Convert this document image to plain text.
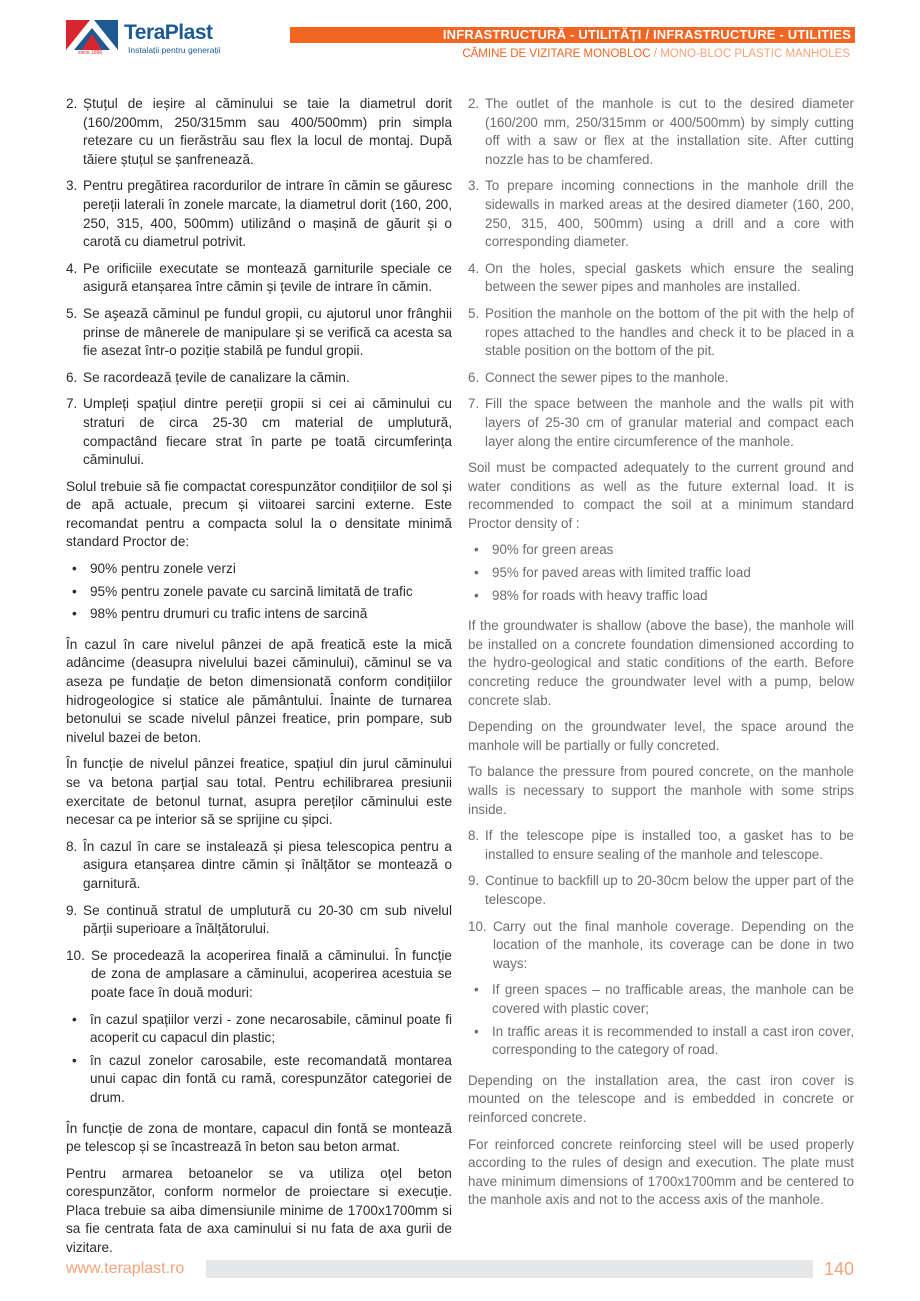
since 1896
TeraPlast
Instalații pentru generații
INFRASTRUCTURĂ - UTILITĂȚI / INFRASTRUCTURE - UTILITIES
CĂMINE DE VIZITARE MONOBLOC / MONO-BLOC PLASTIC MANHOLES
2. Ștuțul de ieșire al căminului se taie la diametrul dorit (160/200mm, 250/315mm sau 400/500mm) prin simpla retezare cu un fierăstrău sau flex la locul de montaj. După tăiere ștuțul se șanfrenează.
3. Pentru pregătirea racordurilor de intrare în cămin se găuresc pereții laterali în zonele marcate, la diametrul dorit (160, 200, 250, 315, 400, 500mm) utilizând o mașină de găurit și o carotă cu diametrul potrivit.
4. Pe orificiile executate se montează garniturile speciale ce asigură etanșarea între cămin și țevile de intrare în cămin.
5. Se aşează căminul pe fundul gropii, cu ajutorul unor frânghii prinse de mânerele de manipulare și se verifică ca acesta sa fie asezat într-o poziție stabilă pe fundul gropii.
6. Se racordează țevile de canalizare la cămin.
7. Umpleți spațiul dintre pereții gropii si cei ai căminului cu straturi de circa 25-30 cm material de umplutură, compactând fiecare strat în parte pe toată circumferința căminului.
Solul trebuie să fie compactat corespunzător condițiilor de sol și de apă actuale, precum și viitoarei sarcini externe. Este recomandat pentru a compacta solul la o densitate minimă standard Proctor de:
• 90% pentru zonele verzi
• 95% pentru zonele pavate cu sarcină limitată de trafic
• 98% pentru drumuri cu trafic intens de sarcină
În cazul în care nivelul pânzei de apă freatică este la mică adâncime (deasupra nivelului bazei căminului), căminul se va aseza pe fundație de beton dimensionată conform condițiilor hidrogeologice si statice ale pământului. Înainte de turnarea betonului se scade nivelul pânzei freatice, prin pompare, sub nivelul bazei de beton.
În funcție de nivelul pânzei freatice, spațiul din jurul căminului se va betona parțial sau total. Pentru echilibrarea presiunii exercitate de betonul turnat, asupra pereților căminului este necesar ca pe interior să se sprijine cu șipci.
8. În cazul în care se instalează și piesa telescopica pentru a asigura etanșarea dintre cămin și înălțător se montează o garnitură.
9. Se continuă stratul de umplutură cu 20-30 cm sub nivelul părții superioare a înălțătorului.
10. Se procedează la acoperirea finală a căminului. În funcție de zona de amplasare a căminului, acoperirea acestuia se poate face în două moduri:
• în cazul spațiilor verzi - zone necarosabile, căminul poate fi acoperit cu capacul din plastic;
• în cazul zonelor carosabile, este recomandată montarea unui capac din fontă cu ramă, corespunzător categoriei de drum.
În funcție de zona de montare, capacul din fontă se montează pe telescop și se încastrează în beton sau beton armat.
Pentru armarea betoanelor se va utiliza oțel beton corespunzător, conform normelor de proiectare si execuție. Placa trebuie sa aiba dimensiunile minime de 1700x1700mm si sa fie centrata fata de axa caminului si nu fata de axa gurii de vizitare.
2. The outlet of the manhole is cut to the desired diameter (160/200 mm, 250/315mm or 400/500mm) by simply cutting off with a saw or flex at the installation site. After cutting nozzle has to be chamfered.
3. To prepare incoming connections in the manhole drill the sidewalls in marked areas at the desired diameter (160, 200, 250, 315, 400, 500mm) using a drill and a core with corresponding diameter.
4. On the holes, special gaskets which ensure the sealing between the sewer pipes and manholes are installed.
5. Position the manhole on the bottom of the pit with the help of ropes attached to the handles and check it to be placed in a stable position on the bottom of the pit.
6. Connect the sewer pipes to the manhole.
7. Fill the space between the manhole and the walls pit with layers of 25-30 cm of granular material and compact each layer along the entire circumference of the manhole.
Soil must be compacted adequately to the current ground and water conditions as well as the future external load. It is recommended to compact the soil at a minimum standard Proctor density of :
• 90% for green areas
• 95% for paved areas with limited traffic load
• 98% for roads with heavy traffic load
If the groundwater is shallow (above the base), the manhole will be installed on a concrete foundation dimensioned according to the hydro-geological and static conditions of the earth. Before concreting reduce the groundwater level with a pump, below concrete slab.
Depending on the groundwater level, the space around the manhole will be partially or fully concreted.
To balance the pressure from poured concrete, on the manhole walls is necessary to support the manhole with some strips inside.
8. If the telescope pipe is installed too, a gasket has to be installed to ensure sealing of the manhole and telescope.
9. Continue to backfill up to 20-30cm below the upper part of the telescope.
10. Carry out the final manhole coverage. Depending on the location of the manhole, its coverage can be done in two ways:
• If green spaces – no trafficable areas, the manhole can be covered with plastic cover;
• In traffic areas it is recommended to install a cast iron cover, corresponding to the category of road.
Depending on the installation area, the cast iron cover is mounted on the telescope and is embedded in concrete or reinforced concrete.
For reinforced concrete reinforcing steel will be used properly according to the rules of design and execution. The plate must have minimum dimensions of 1700x1700mm and be centered to the manhole axis and not to the access axis of the manhole.
www.teraplast.ro	140
